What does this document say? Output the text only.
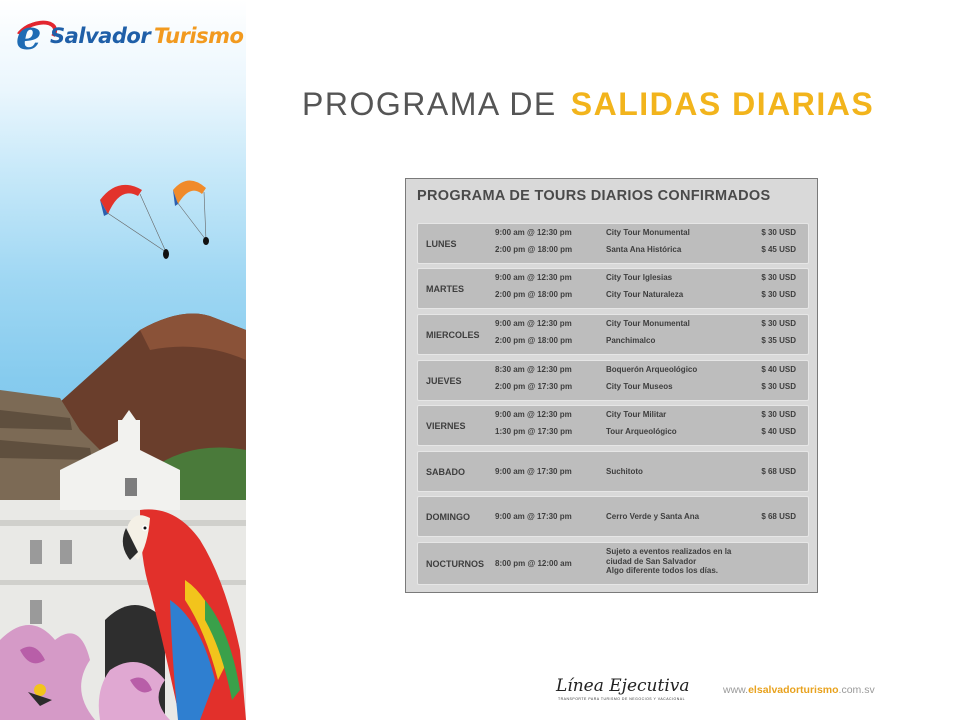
e Salvador Turismo
PROGRAMA DE SALIDAS DIARIAS
PROGRAMA DE TOURS DIARIOS CONFIRMADOS
LUNES
9:00 am @ 12:30 pm	City Tour Monumental	$ 30 USD
2:00 pm @ 18:00 pm	Santa Ana Histórica	$ 45 USD
MARTES
9:00 am @ 12:30 pm	City Tour Iglesias	$ 30 USD
2:00 pm @ 18:00 pm	City Tour Naturaleza	$ 30 USD
MIERCOLES
9:00 am @ 12:30 pm	City Tour Monumental	$ 30 USD
2:00 pm @ 18:00 pm	Panchimalco	$ 35 USD
JUEVES
8:30 am @ 12:30 pm	Boquerón Arqueológico	$ 40 USD
2:00 pm @ 17:30 pm	City Tour Museos	$ 30 USD
VIERNES
9:00 am @ 12:30 pm	City Tour Militar	$ 30 USD
1:30 pm @ 17:30 pm	Tour Arqueológico	$ 40 USD
SABADO	9:00 am @ 17:30 pm	Suchitoto	$ 68 USD
DOMINGO	9:00 am @ 17:30 pm	Cerro Verde y Santa Ana	$ 68 USD
NOCTURNOS 8:00 pm @ 12:00 am
Sujeto a eventos realizados en la
ciudad de San Salvador
Algo diferente todos los días.
Línea Ejecutiva
TRANSPORTE PARA TURISMO DE NEGOCIOS Y VACACIONAL
www.elsalvadorturismo.com.sv
